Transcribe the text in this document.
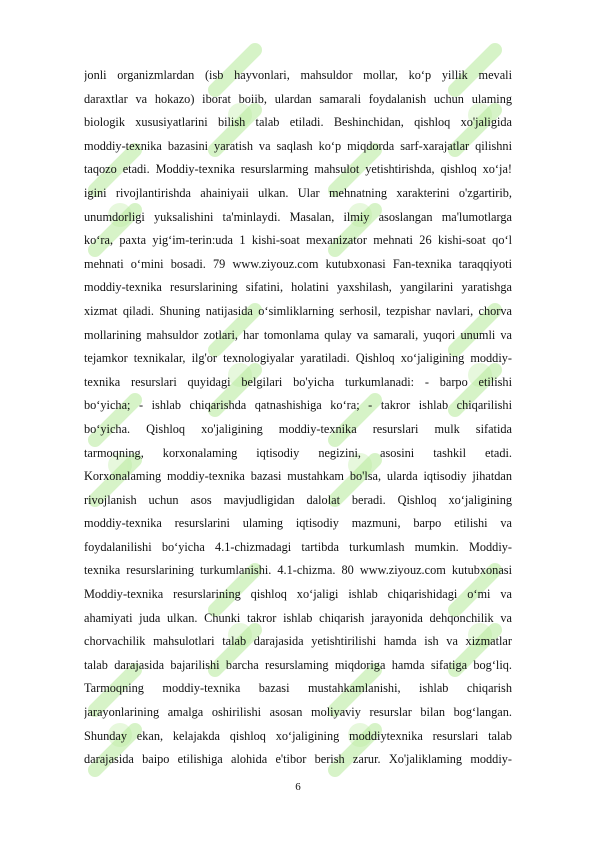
jonli organizmlardan (isb hayvonlari, mahsuldor mollar, ko‘p yillik mevali
daraxtlar va hokazo) iborat boiib, ulardan samarali foydalanish uchun ulaming
biologik xususiyatlarini bilish talab etiladi. Beshinchidan, qishloq xo'jaligida
moddiy-texnika bazasini yaratish va saqlash ko‘p miqdorda sarf-xarajatlar qilishni
taqozo etadi. Moddiy-texnika resurslarming mahsulot yetishtirishda, qishloq xo‘ja!
igini rivojlantirishda ahainiyaii ulkan. Ular mehnatning xarakterini o'zgartirib,
unumdorligi yuksalishini ta'minlaydi. Masalan, ilmiy asoslangan ma'lumotlarga
ko‘ra, paxta yig‘im-terin:uda 1 kishi-soat mexanizator mehnati 26 kishi-soat qo‘l
mehnati o‘mini bosadi. 79 www.ziyouz.com kutubxonasi Fan-texnika taraqqiyoti
moddiy-texnika resurslarining sifatini, holatini yaxshilash, yangilarini yaratishga
xizmat qiladi. Shuning natijasida o‘simliklarning serhosil, tezpishar navlari, chorva
mollarining mahsuldor zotlari, har tomonlama qulay va samarali, yuqori unumli va
tejamkor texnikalar, ilg'or texnologiyalar yaratiladi. Qishloq xo‘jaligining moddiy-
texnika resurslari quyidagi belgilari bo'yicha turkumlanadi: - barpo etilishi
bo‘yicha; - ishlab chiqarishda qatnashishiga ko‘ra; - takror ishlab chiqarilishi
bo‘yicha. Qishloq xo'jaligining moddiy-texnika resurslari mulk sifatida
tarmoqning, korxonalaming iqtisodiy negizini, asosini tashkil etadi.
Korxonalaming moddiy-texnika bazasi mustahkam bo'lsa, ularda iqtisodiy jihatdan
rivojlanish uchun asos mavjudligidan dalolat beradi. Qishloq xo‘jaligining
moddiy-texnika resurslarini ulaming iqtisodiy mazmuni, barpo etilishi va
foydalanilishi bo‘yicha 4.1-chizmadagi tartibda turkumlash mumkin. Moddiy-
texnika resurslarining turkumlanishi. 4.1-chizma. 80 www.ziyouz.com kutubxonasi
Moddiy-texnika resurslarining qishloq xo‘jaligi ishlab chiqarishidagi o‘mi va
ahamiyati juda ulkan. Chunki takror ishlab chiqarish jarayonida dehqonchilik va
chorvachilik mahsulotlari talab darajasida yetishtirilishi hamda ish va xizmatlar
talab darajasida bajarilishi barcha resurslaming miqdoriga hamda sifatiga bog‘liq.
Tarmoqning moddiy-texnika bazasi mustahkamlanishi, ishlab chiqarish
jarayonlarining amalga oshirilishi asosan moliyaviy resurslar bilan bog‘langan.
Shunday ekan, kelajakda qishloq xo‘jaligining moddiytexnika resurslari talab
darajasida baipo etilishiga alohida e'tibor berish zarur. Xo'jaliklaming moddiy-
6
